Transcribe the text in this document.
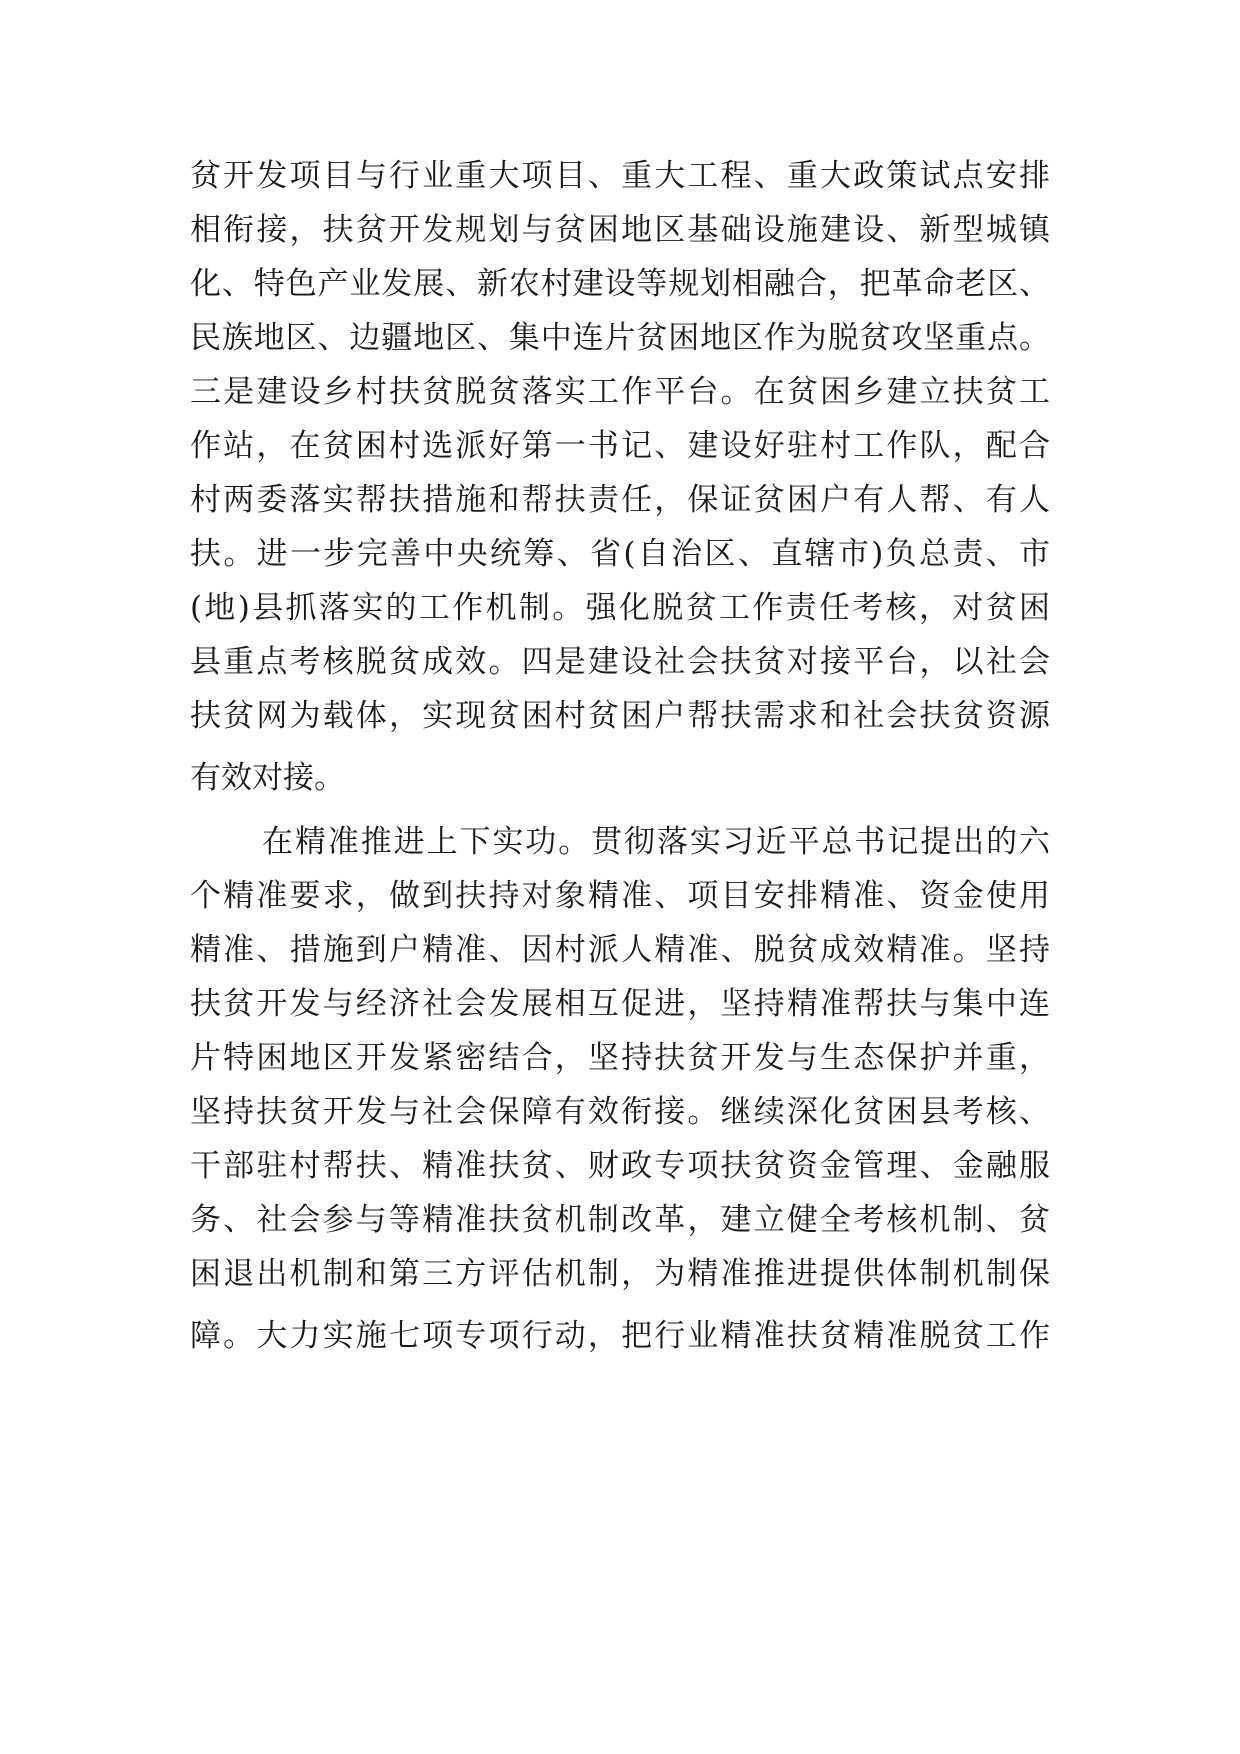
贫开发项目与行业重大项目、重大工程、重大政策试点安排
相衔接，扶贫开发规划与贫困地区基础设施建设、新型城镇
化、特色产业发展、新农村建设等规划相融合，把革命老区、
民族地区、边疆地区、集中连片贫困地区作为脱贫攻坚重点。
三是建设乡村扶贫脱贫落实工作平台。在贫困乡建立扶贫工
作站，在贫困村选派好第一书记、建设好驻村工作队，配合
村两委落实帮扶措施和帮扶责任，保证贫困户有人帮、有人
扶。进一步完善中央统筹、省(自治区、直辖市)负总责、市
(地)县抓落实的工作机制。强化脱贫工作责任考核，对贫困
县重点考核脱贫成效。四是建设社会扶贫对接平台，以社会
扶贫网为载体，实现贫困村贫困户帮扶需求和社会扶贫资源
有效对接。
在精准推进上下实功。贯彻落实习近平总书记提出的六
个精准要求，做到扶持对象精准、项目安排精准、资金使用
精准、措施到户精准、因村派人精准、脱贫成效精准。坚持
扶贫开发与经济社会发展相互促进，坚持精准帮扶与集中连
片特困地区开发紧密结合，坚持扶贫开发与生态保护并重，
坚持扶贫开发与社会保障有效衔接。继续深化贫困县考核、
干部驻村帮扶、精准扶贫、财政专项扶贫资金管理、金融服
务、社会参与等精准扶贫机制改革，建立健全考核机制、贫
困退出机制和第三方评估机制，为精准推进提供体制机制保
障。大力实施七项专项行动，把行业精准扶贫精准脱贫工作
